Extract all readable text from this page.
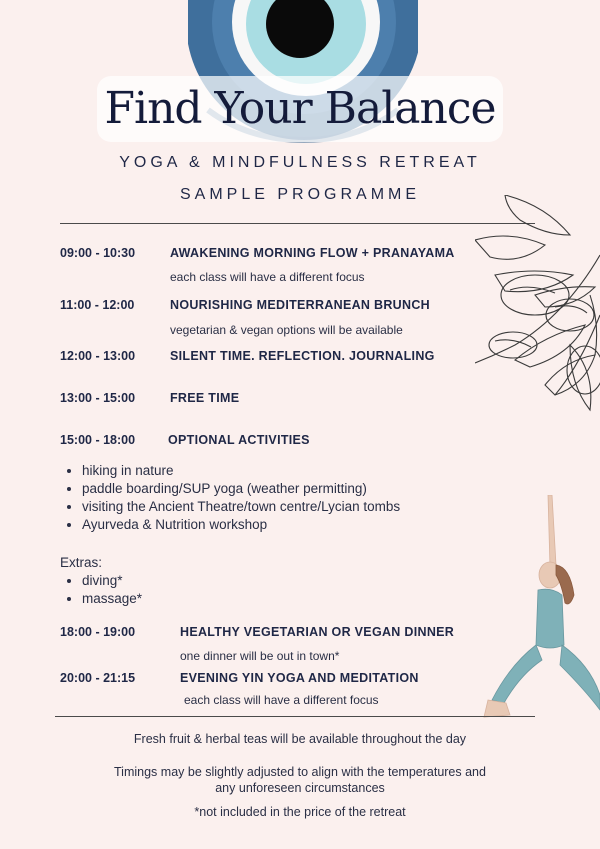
Find Your Balance
YOGA & MINDFULNESS RETREAT
SAMPLE PROGRAMME
09:00 - 10:30	AWAKENING MORNING FLOW + PRANAYAMA
each class will have a different focus
11:00 - 12:00	NOURISHING MEDITERRANEAN BRUNCH
vegetarian & vegan options will be available
12:00 - 13:00	SILENT TIME. REFLECTION. JOURNALING
13:00 - 15:00	FREE TIME
15:00 - 18:00	OPTIONAL ACTIVITIES
• hiking in nature
• paddle boarding/SUP yoga (weather permitting)
• visiting the Ancient Theatre/town centre/Lycian tombs
• Ayurveda & Nutrition workshop
Extras:
• diving*
• massage*
18:00 - 19:00	HEALTHY VEGETARIAN OR VEGAN DINNER
one dinner will be out in town*
20:00 - 21:15	EVENING YIN YOGA AND MEDITATION
each class will have a different focus
Fresh fruit & herbal teas will be available throughout the day
Timings may be slightly adjusted to align with the temperatures and
any unforeseen circumstances
*not included in the price of the retreat
